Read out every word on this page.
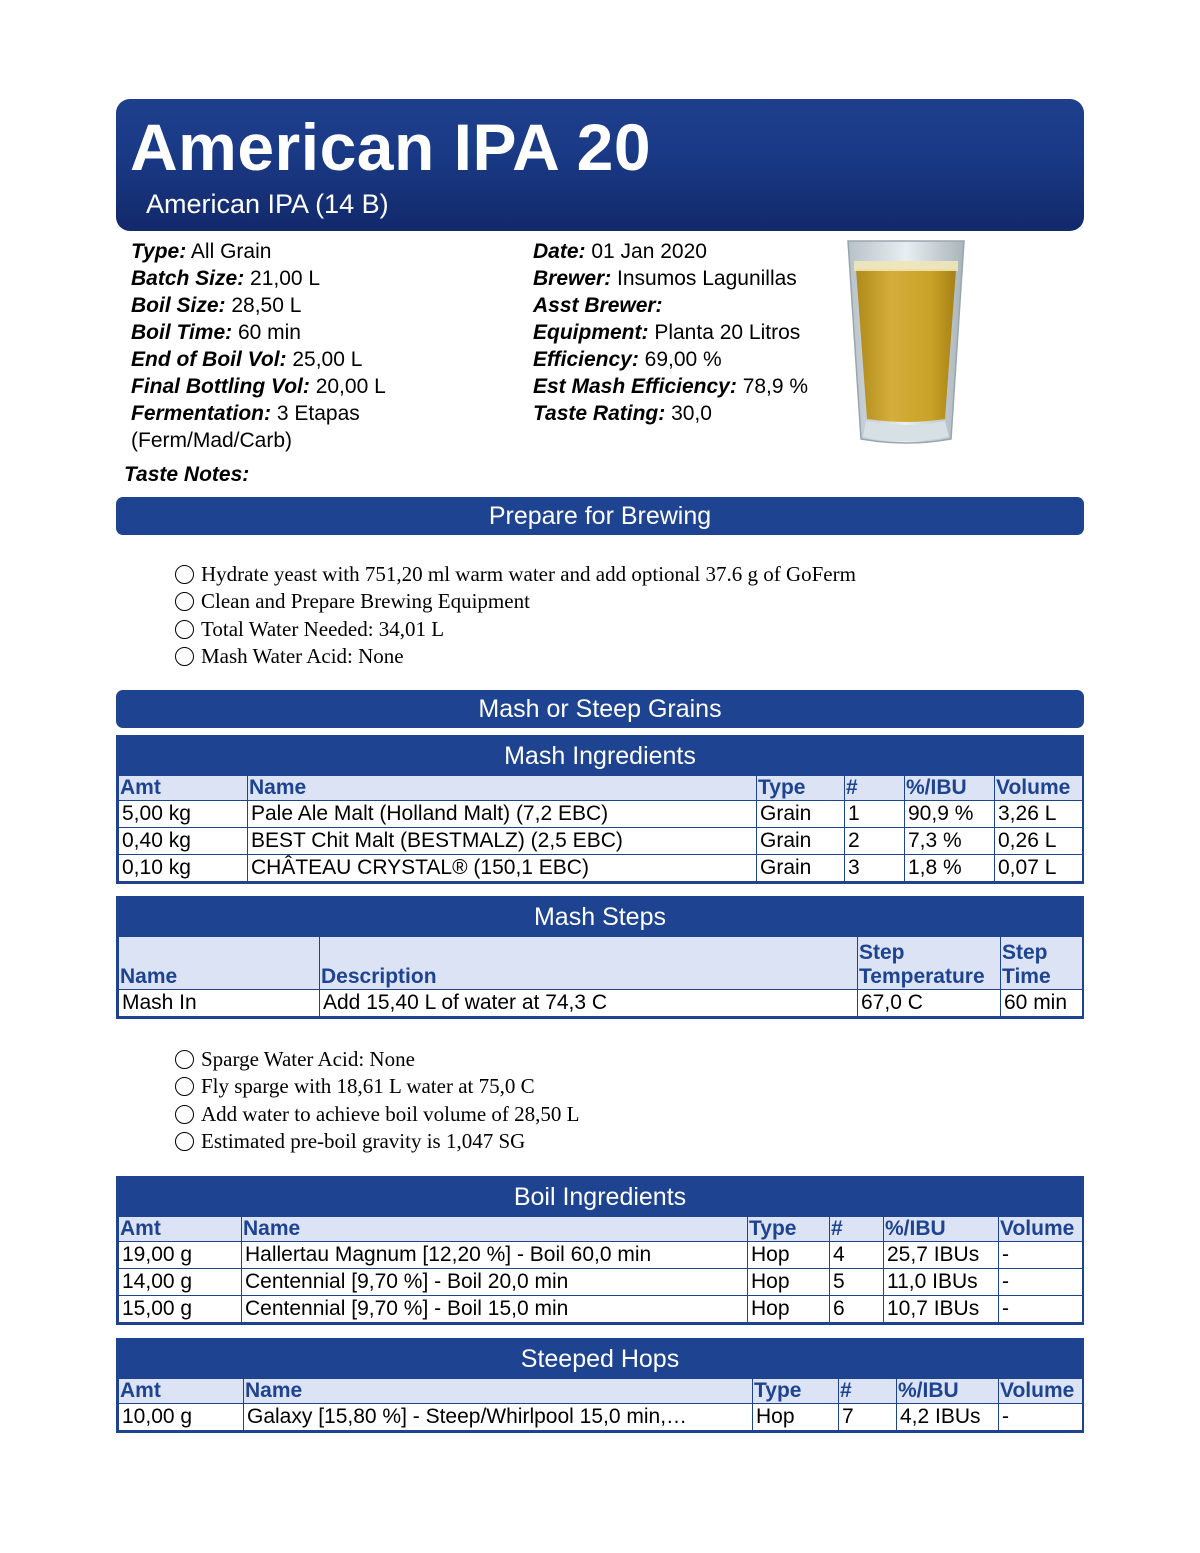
American IPA 20
American IPA (14 B)
Type: All Grain
Batch Size: 21,00 L
Boil Size: 28,50 L
Boil Time: 60 min
End of Boil Vol: 25,00 L
Final Bottling Vol: 20,00 L
Fermentation: 3 Etapas
(Ferm/Mad/Carb)
Date: 01 Jan 2020
Brewer: Insumos Lagunillas
Asst Brewer:
Equipment: Planta 20 Litros
Efficiency: 69,00 %
Est Mash Efficiency: 78,9 %
Taste Rating: 30,0
Taste Notes:
Prepare for Brewing
Hydrate yeast with 751,20 ml warm water and add optional 37.6 g of GoFerm
Clean and Prepare Brewing Equipment
Total Water Needed: 34,01 L
Mash Water Acid: None
Mash or Steep Grains
Mash Ingredients
Amt	Name	Type	#	%/IBU	Volume
5,00 kg	Pale Ale Malt (Holland Malt) (7,2 EBC)	Grain	1	90,9 %	3,26 L
0,40 kg	BEST Chit Malt (BESTMALZ) (2,5 EBC)	Grain	2	7,3 %	0,26 L
0,10 kg	CHÂTEAU CRYSTAL® (150,1 EBC)	Grain	3	1,8 %	0,07 L
Mash Steps
Name	Description	Step Temperature	Step Time
Mash In	Add 15,40 L of water at 74,3 C	67,0 C	60 min
Sparge Water Acid: None
Fly sparge with 18,61 L water at 75,0 C
Add water to achieve boil volume of 28,50 L
Estimated pre-boil gravity is 1,047 SG
Boil Ingredients
Amt	Name	Type	#	%/IBU	Volume
19,00 g	Hallertau Magnum [12,20 %] - Boil 60,0 min	Hop	4	25,7 IBUs	-
14,00 g	Centennial [9,70 %] - Boil 20,0 min	Hop	5	11,0 IBUs	-
15,00 g	Centennial [9,70 %] - Boil 15,0 min	Hop	6	10,7 IBUs	-
Steeped Hops
Amt	Name	Type	#	%/IBU	Volume
10,00 g	Galaxy [15,80 %] - Steep/Whirlpool 15,0 min,…	Hop	7	4,2 IBUs	-
